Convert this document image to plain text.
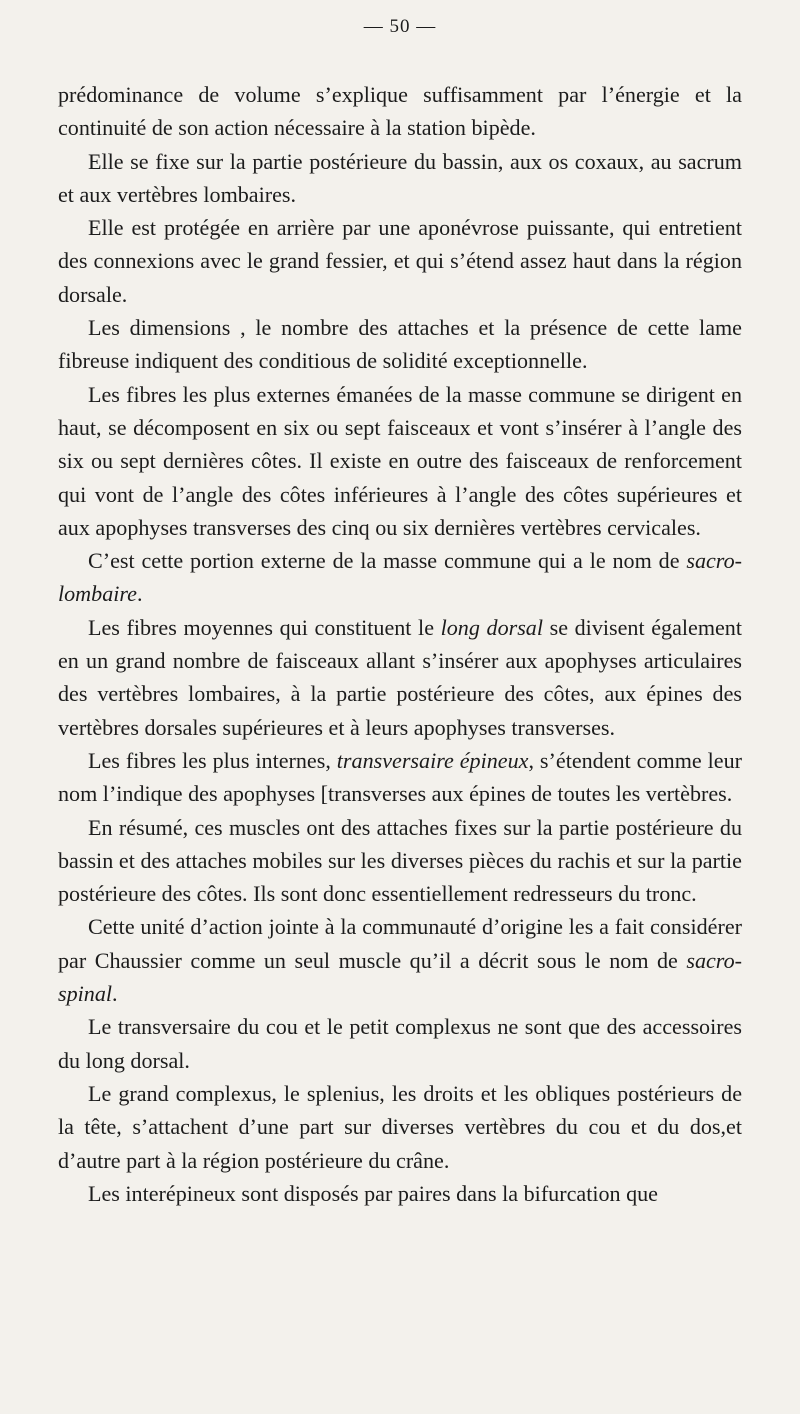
— 50 —

prédominance de volume s’explique suffisamment par l’énergie et la continuité de son action nécessaire à la station bipède.

Elle se fixe sur la partie postérieure du bassin, aux os coxaux, au sacrum et aux vertèbres lombaires.

Elle est protégée en arrière par une aponévrose puissante, qui entretient des connexions avec le grand fessier, et qui s’étend assez haut dans la région dorsale.

Les dimensions , le nombre des attaches et la présence de cette lame fibreuse indiquent des conditious de solidité exceptionnelle.

Les fibres les plus externes émanées de la masse commune se dirigent en haut, se décomposent en six ou sept faisceaux et vont s’insérer à l’angle des six ou sept dernières côtes. Il existe en outre des faisceaux de renforcement qui vont de l’angle des côtes inférieures à l’angle des côtes supérieures et aux apophyses transverses des cinq ou six dernières vertèbres cervicales.

C’est cette portion externe de la masse commune qui a le nom de sacro-lombaire.

Les fibres moyennes qui constituent le long dorsal se divisent également en un grand nombre de faisceaux allant s’insérer aux apophyses articulaires des vertèbres lombaires, à la partie postérieure des côtes, aux épines des vertèbres dorsales supérieures et à leurs apophyses transverses.

Les fibres les plus internes, transversaire épineux, s’étendent comme leur nom l’indique des apophyses [transverses aux épines de toutes les vertèbres.

En résumé, ces muscles ont des attaches fixes sur la partie postérieure du bassin et des attaches mobiles sur les diverses pièces du rachis et sur la partie postérieure des côtes. Ils sont donc essentiellement redresseurs du tronc.

Cette unité d’action jointe à la communauté d’origine les a fait considérer par Chaussier comme un seul muscle qu’il a décrit sous le nom de sacro-spinal.

Le transversaire du cou et le petit complexus ne sont que des accessoires du long dorsal.

Le grand complexus, le splenius, les droits et les obliques postérieurs de la tête, s’attachent d’une part sur diverses vertèbres du cou et du dos,et d’autre part à la région postérieure du crâne.

Les interépineux sont disposés par paires dans la bifurcation que
